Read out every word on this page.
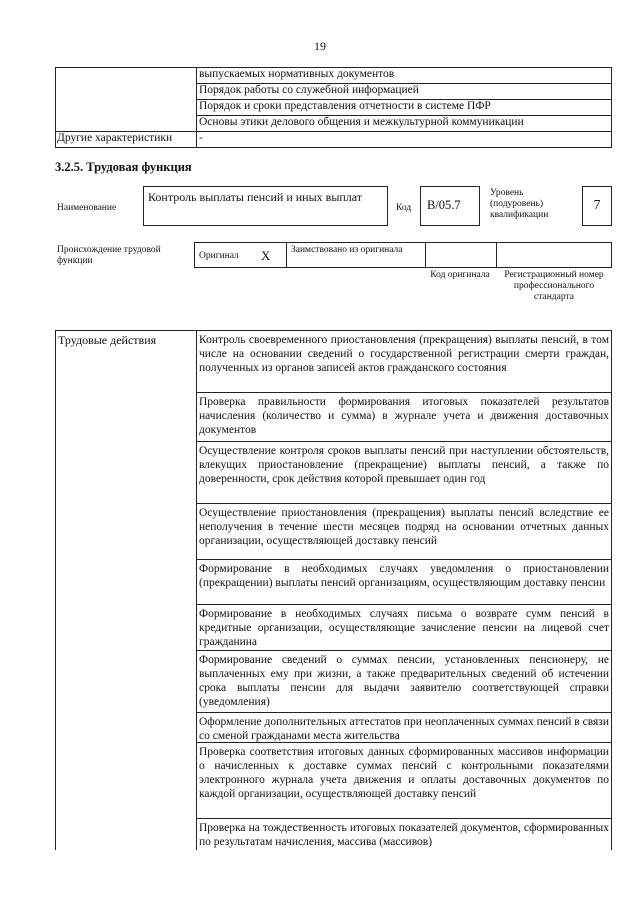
19
выпускаемых нормативных документов
Порядок работы со служебной информацией
Порядок и сроки представления отчетности в системе ПФР
Основы этики делового общения и межкультурной коммуникации
Другие характеристики	-
3.2.5. Трудовая функция
Наименование
Контроль выплаты пенсий и иных выплат
Код	В/05.7
Уровень (подуровень) квалификации
7
Происхождение трудовой функции	Оригинал X Заимствовано из оригинала
Код оригинала	Регистрационный номер профессионального стандарта
Трудовые действия	Контроль своевременного приостановления (прекращения) выплаты пенсий, в том числе на основании сведений о государственной регистрации смерти граждан, полученных из органов записей актов гражданского состояния
Проверка правильности формирования итоговых показателей результатов начисления (количество и сумма) в журнале учета и движения доставочных документов
Осуществление контроля сроков выплаты пенсий при наступлении обстоятельств, влекущих приостановление (прекращение) выплаты пенсий, а также по доверенности, срок действия которой превышает один год
Осуществление приостановления (прекращения) выплаты пенсий вследствие ее неполучения в течение шести месяцев подряд на основании отчетных данных организации, осуществляющей доставку пенсий
Формирование в необходимых случаях уведомления о приостановлении (прекращении) выплаты пенсий организациям, осуществляющим доставку пенсии
Формирование в необходимых случаях письма о возврате сумм пенсий в кредитные организации, осуществляющие зачисление пенсии на лицевой счет гражданина
Формирование сведений о суммах пенсии, установленных пенсионеру, не выплаченных ему при жизни, а также предварительных сведений об истечении срока выплаты пенсии для выдачи заявителю соответствующей справки (уведомления)
Оформление дополнительных аттестатов при неоплаченных суммах пенсий в связи со сменой гражданами места жительства
Проверка соответствия итоговых данных сформированных массивов информации о начисленных к доставке суммах пенсий с контрольными показателями электронного журнала учета движения и оплаты доставочных документов по каждой организации, осуществляющей доставку пенсий
Проверка на тождественность итоговых показателей документов, сформированных по результатам начисления, массива (массивов)
